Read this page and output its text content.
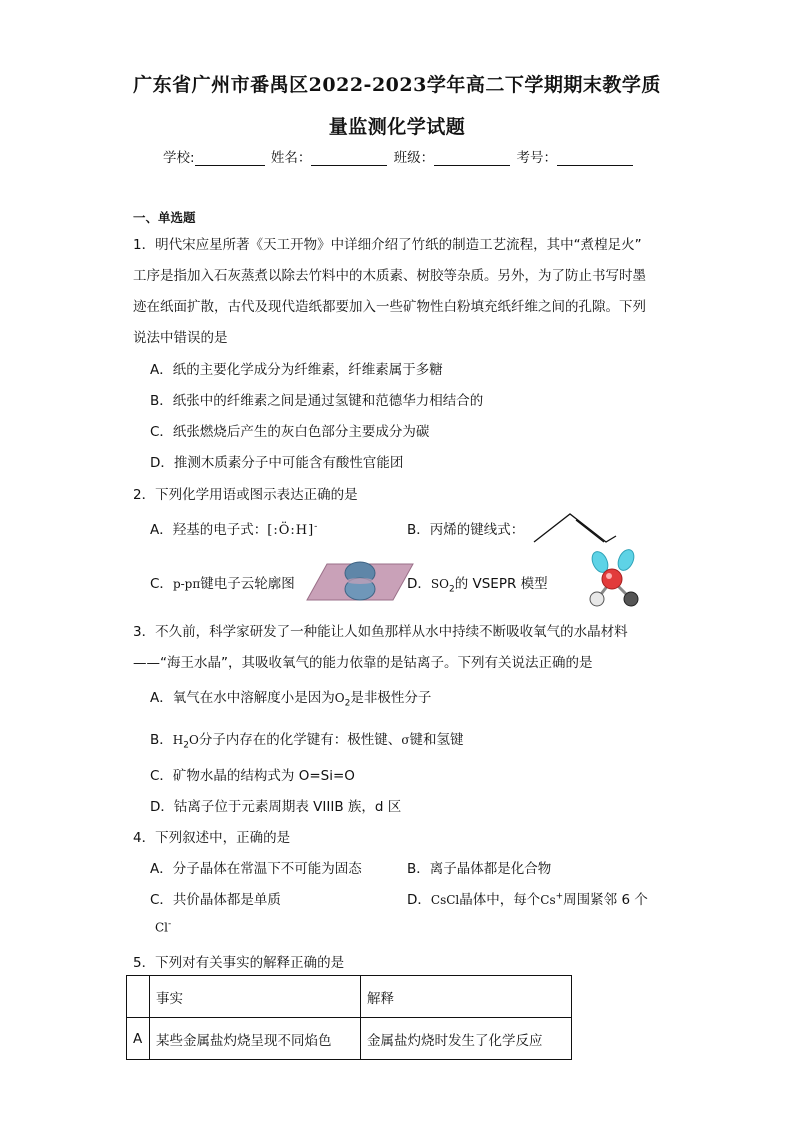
广东省广州市番禺区2022-2023学年高二下学期期末教学质
量监测化学试题
学校:	姓名：	班级：	考号：
一、单选题
1．明代宋应星所著《天工开物》中详细介绍了竹纸的制造工艺流程，其中“煮楻足火”
工序是指加入石灰蒸煮以除去竹料中的木质素、树胶等杂质。另外，为了防止书写时墨
迹在纸面扩散，古代及现代造纸都要加入一些矿物性白粉填充纸纤维之间的孔隙。下列
说法中错误的是
A．纸的主要化学成分为纤维素，纤维素属于多糖
B．纸张中的纤维素之间是通过氢键和范德华力相结合的
C．纸张燃烧后产生的灰白色部分主要成分为碳
D．推测木质素分子中可能含有酸性官能团
2．下列化学用语或图示表达正确的是
A．羟基的电子式：[:Ö:H]-	B．丙烯的键线式：
C．p-pπ键电子云轮廓图	D．$SO_2$的 VSEPR 模型
3．不久前，科学家研发了一种能让人如鱼那样从水中持续不断吸收氧气的水晶材料
——“海王水晶”，其吸收氧气的能力依靠的是钴离子。下列有关说法正确的是
A．氧气在水中溶解度小是因为$O_2$是非极性分子
B．$H_2O$分子内存在的化学键有：极性键、σ键和氢键
C．矿物水晶的结构式为 O=Si=O
D．钴离子位于元素周期表 VIIIB 族，d 区
4．下列叙述中，正确的是
A．分子晶体在常温下不可能为固态	B．离子晶体都是化合物
C．共价晶体都是单质	D．CsCl晶体中，每个Cs+周围紧邻 6 个
Cl-
5．下列对有关事实的解释正确的是
	事实	解释
A	某些金属盐灼烧呈现不同焰色	金属盐灼烧时发生了化学反应
